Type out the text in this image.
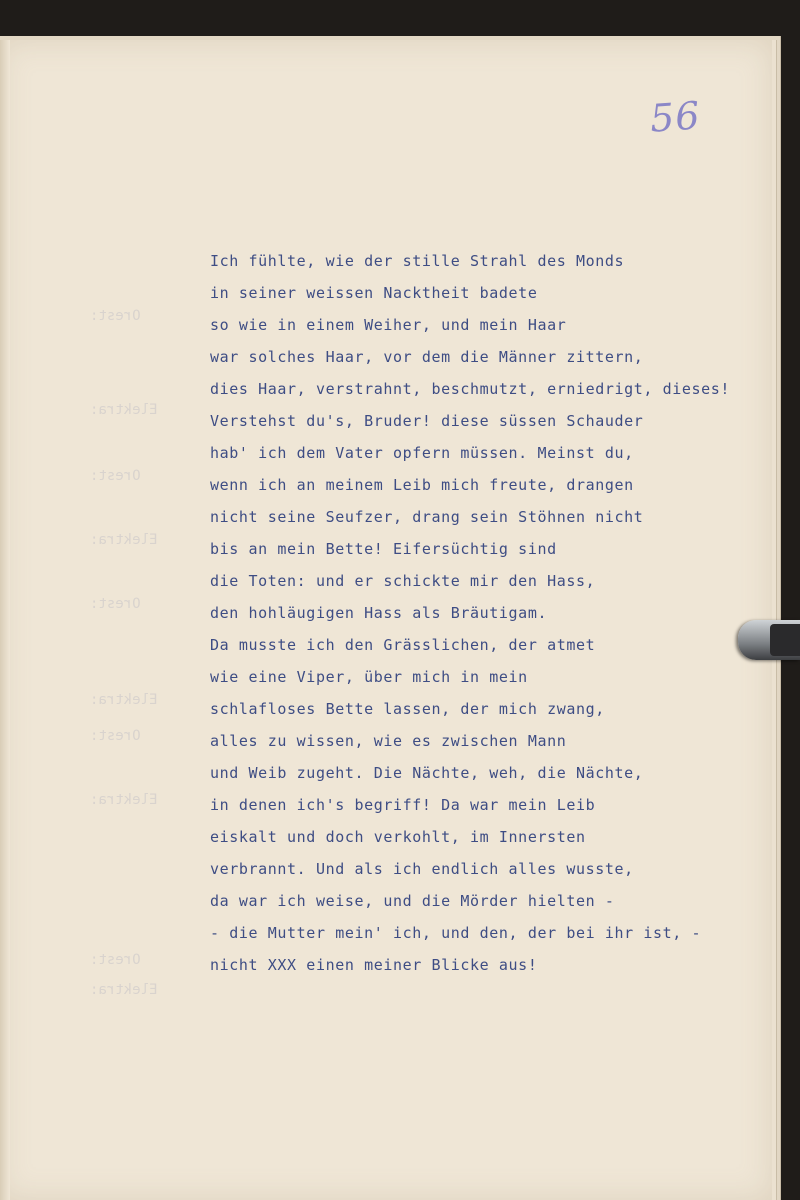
56
Orest:
Elektra:
Orest:
Elektra:
Orest:
Elektra:
Orest:
Elektra:
Orest:
Elektra:
Ich fühlte, wie der stille Strahl des Monds
in seiner weissen Nacktheit badete
so wie in einem Weiher, und mein Haar
war solches Haar, vor dem die Männer zittern,
dies Haar, verstrahnt, beschmutzt, erniedrigt, dieses!
Verstehst du's, Bruder! diese süssen Schauder
hab' ich dem Vater opfern müssen. Meinst du,
wenn ich an meinem Leib mich freute, drangen
nicht seine Seufzer, drang sein Stöhnen nicht
bis an mein Bette! Eifersüchtig sind
die Toten: und er schickte mir den Hass,
den hohläugigen Hass als Bräutigam.
Da musste ich den Grässlichen, der atmet
wie eine Viper, über mich in mein
schlafloses Bette lassen, der mich zwang,
alles zu wissen, wie es zwischen Mann
und Weib zugeht. Die Nächte, weh, die Nächte,
in denen ich's begriff! Da war mein Leib
eiskalt und doch verkohlt, im Innersten
verbrannt. Und als ich endlich alles wusste,
da war ich weise, und die Mörder hielten -
- die Mutter mein' ich, und den, der bei ihr ist, -
nicht XXX einen meiner Blicke aus!
